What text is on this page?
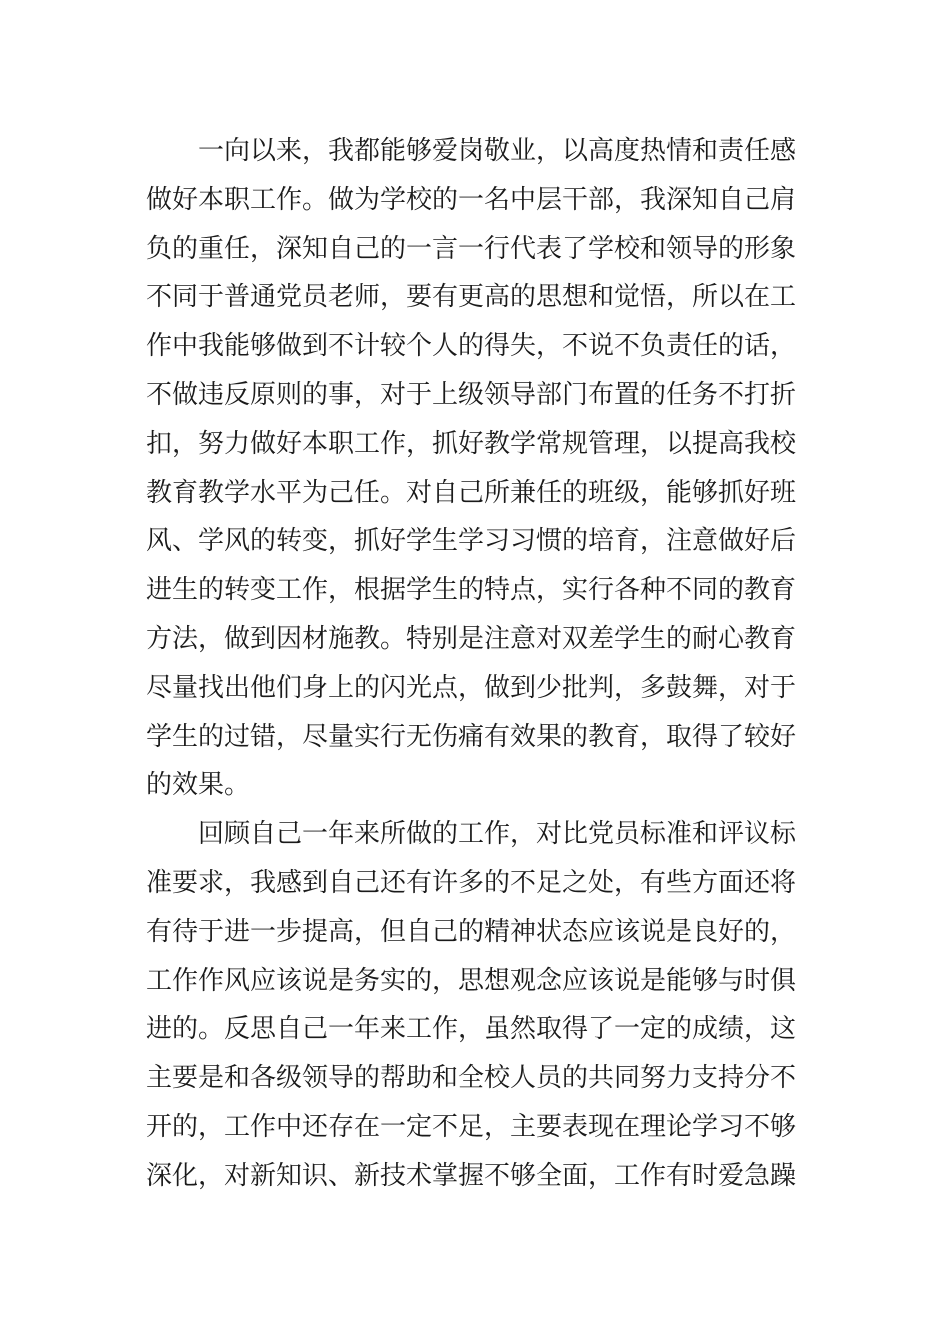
一向以来，我都能够爱岗敬业，以高度热情和责任感
做好本职工作。做为学校的一名中层干部，我深知自己肩
负的重任，深知自己的一言一行代表了学校和领导的形象
不同于普通党员老师，要有更高的思想和觉悟，所以在工
作中我能够做到不计较个人的得失，不说不负责任的话，
不做违反原则的事，对于上级领导部门布置的任务不打折
扣，努力做好本职工作，抓好教学常规管理，以提高我校
教育教学水平为己任。对自己所兼任的班级，能够抓好班
风、学风的转变，抓好学生学习习惯的培育，注意做好后
进生的转变工作，根据学生的特点，实行各种不同的教育
方法，做到因材施教。特别是注意对双差学生的耐心教育
尽量找出他们身上的闪光点，做到少批判，多鼓舞，对于
学生的过错，尽量实行无伤痛有效果的教育，取得了较好
的效果。
回顾自己一年来所做的工作，对比党员标准和评议标
准要求，我感到自己还有许多的不足之处，有些方面还将
有待于进一步提高，但自己的精神状态应该说是良好的，
工作作风应该说是务实的，思想观念应该说是能够与时俱
进的。反思自己一年来工作，虽然取得了一定的成绩，这
主要是和各级领导的帮助和全校人员的共同努力支持分不
开的，工作中还存在一定不足，主要表现在理论学习不够
深化，对新知识、新技术掌握不够全面，工作有时爱急躁
